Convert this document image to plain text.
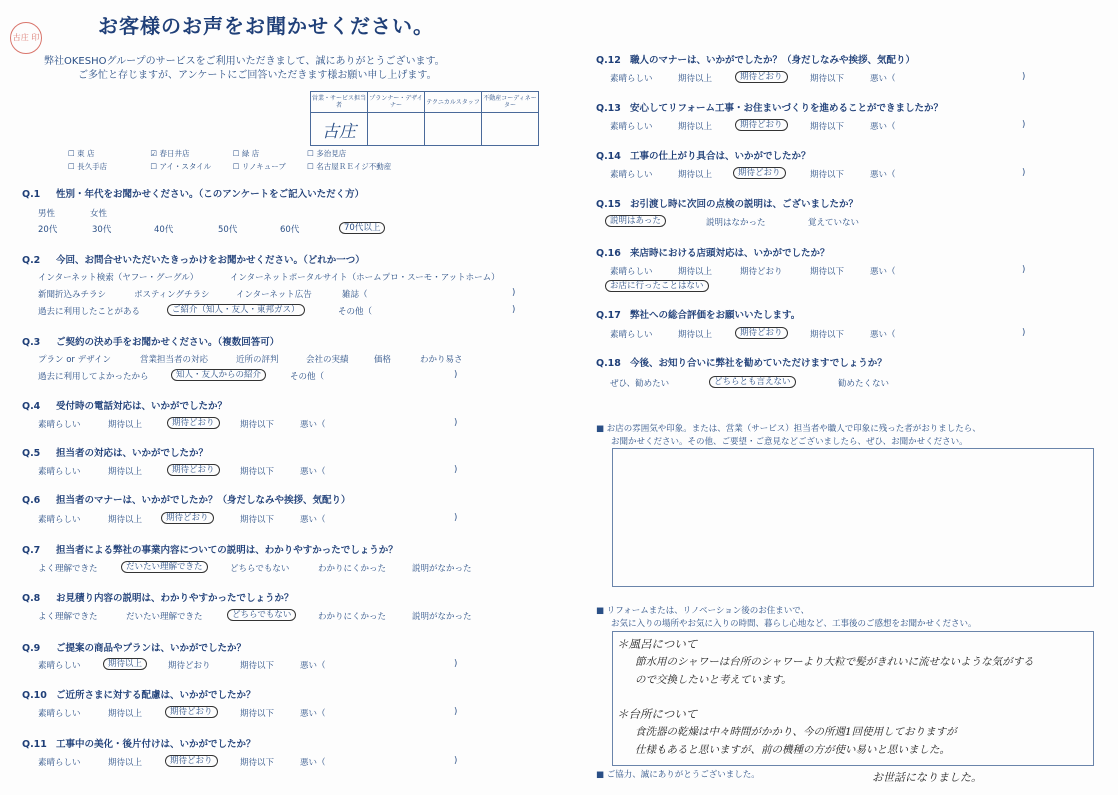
古庄 印	お客様のお声をお聞かせください。
弊社OKESHOグループのサービスをご利用いただきまして、誠にありがとうございます。
ご多忙と存じますが、アンケートにご回答いただきます様お願い申し上げます。
営業・サービス担当者	プランナー・デザイナー	テクニカルスタッフ	不動産コーディネーター
古庄			
☐ 東 店	☑ 春日井店	☐ 緑 店	☐ 多治見店
☐ 長久手店	☐ アイ・スタイル	☐ リノキューブ	☐ 名古屋ＲＥイジ不動産
Q.1 性別・年代をお聞かせください。（このアンケートをご記入いただく方）
男性	女性
20代	30代	40代	50代	60代	70代以上
Q.2 今回、お問合せいただいたきっかけをお聞かせください。（どれか一つ）
インターネット検索（ヤフー・グーグル）	インターネットポータルサイト（ホームプロ・スーモ・アットホーム）
新聞折込みチラシ	ポスティングチラシ	インターネット広告	雑誌（	)
過去に利用したことがある	ご紹介（知人・友人・東邦ガス）	その他（	)
Q.3 ご契約の決め手をお聞かせください。（複数回答可）
プラン or デザイン	営業担当者の対応	近所の評判	会社の実績	価格	わかり易さ
過去に利用してよかったから	知人・友人からの紹介	その他（	)
Q.4 受付時の電話対応は、いかがでしたか？
素晴らしい	期待以上	期待どおり	期待以下	悪い（	)
Q.5 担当者の対応は、いかがでしたか？
素晴らしい	期待以上	期待どおり	期待以下	悪い（	)
Q.6 担当者のマナーは、いかがでしたか？（身だしなみや挨拶、気配り）
素晴らしい	期待以上	期待どおり	期待以下	悪い（	)
Q.7 担当者による弊社の事業内容についての説明は、わかりやすかったでしょうか？
よく理解できた	だいたい理解できた	どちらでもない	わかりにくかった	説明がなかった
Q.8 お見積り内容の説明は、わかりやすかったでしょうか？
よく理解できた	だいたい理解できた	どちらでもない	わかりにくかった	説明がなかった
Q.9 ご提案の商品やプランは、いかがでしたか？
素晴らしい	期待以上	期待どおり	期待以下	悪い（	)
Q.10 ご近所さまに対する配慮は、いかがでしたか？
素晴らしい	期待以上	期待どおり	期待以下	悪い（	)
Q.11 工事中の美化・後片付けは、いかがでしたか？
素晴らしい	期待以上	期待どおり	期待以下	悪い（	)
Q.12 職人のマナーは、いかがでしたか？（身だしなみや挨拶、気配り）
素晴らしい	期待以上	期待どおり	期待以下	悪い（	)
Q.13 安心してリフォーム工事・お住まいづくりを進めることができましたか？
素晴らしい	期待以上	期待どおり	期待以下	悪い（	)
Q.14 工事の仕上がり具合は、いかがでしたか？
素晴らしい	期待以上	期待どおり	期待以下	悪い（	)
Q.15 お引渡し時に次回の点検の説明は、ございましたか？
説明はあった	説明はなかった	覚えていない
Q.16 来店時における店頭対応は、いかがでしたか？
素晴らしい	期待以上	期待どおり	期待以下	悪い（	)
お店に行ったことはない
Q.17 弊社への総合評価をお願いいたします。
素晴らしい	期待以上	期待どおり	期待以下	悪い（	)
Q.18 今後、お知り合いに弊社を勧めていただけますでしょうか？
ぜひ、勧めたい	どちらとも言えない	勧めたくない
■ お店の雰囲気や印象。または、営業（サービス）担当者や職人で印象に残った者がおりましたら、
お聞かせください。その他、ご要望・ご意見などございましたら、ぜひ、お聞かせください。
■ リフォームまたは、リノベーション後のお住まいで、
お気に入りの場所やお気に入りの時間、暮らし心地など、工事後のご感想をお聞かせください。
＊風呂について
節水用のシャワーは台所のシャワーより大粒で髪がきれいに流せないような気がする
ので交換したいと考えています。
＊台所について
食洗器の乾燥は中々時間がかかり、今の所週1回使用しておりますが
仕様もあると思いますが、前の機種の方が使い易いと思いました。
■ ご協力、誠にありがとうございました。	お世話になりました。
